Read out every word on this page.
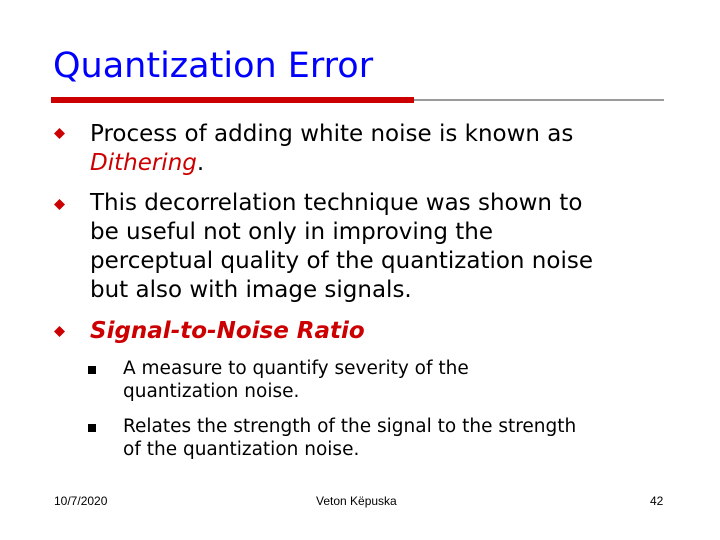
Quantization Error
Process of adding white noise is known as
Dithering.
This decorrelation technique was shown to
be useful not only in improving the
perceptual quality of the quantization noise
but also with image signals.
Signal-to-Noise Ratio
A measure to quantify severity of the
quantization noise.
Relates the strength of the signal to the strength
of the quantization noise.
10/7/2020	Veton Këpuska	42
